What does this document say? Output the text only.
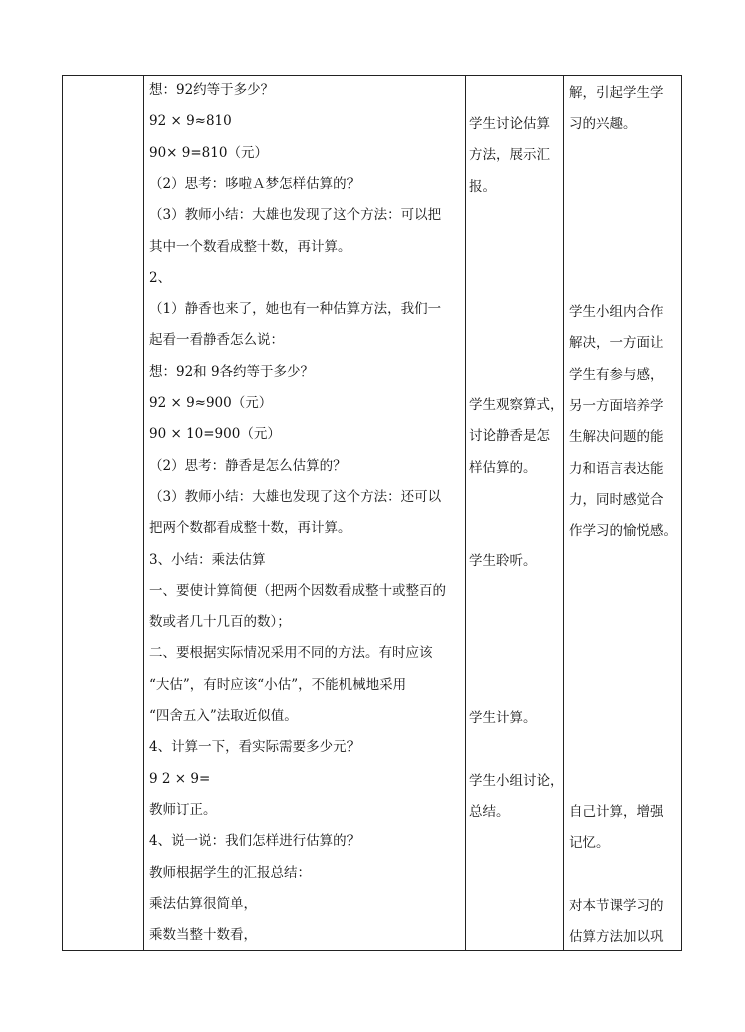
想：92约等于多少？
92 × 9≈810
90× 9=810（元）
（2）思考：哆啦Ａ梦怎样估算的？
（3）教师小结：大雄也发现了这个方法：可以把
其中一个数看成整十数，再计算。
2、
（1）静香也来了，她也有一种估算方法，我们一
起看一看静香怎么说：
想：92和 9各约等于多少？
92 × 9≈900（元）
90 × 10=900（元）
（2）思考：静香是怎么估算的？
（3）教师小结：大雄也发现了这个方法：还可以
把两个数都看成整十数，再计算。
3、小结：乘法估算
一、要使计算简便（把两个因数看成整十或整百的
数或者几十几百的数）；
二、要根据实际情况采用不同的方法。有时应该
“大估”，有时应该“小估”，不能机械地采用
“四舍五入”法取近似值。
4、计算一下，看实际需要多少元？
9 2 × 9=
教师订正。
4、说一说：我们怎样进行估算的？
教师根据学生的汇报总结：
乘法估算很简单，
乘数当整十数看，
学生讨论估算
方法，展示汇
报。
学生观察算式，
讨论静香是怎
样估算的。
学生聆听。
学生计算。
学生小组讨论，
总结。
解，引起学生学
习的兴趣。
学生小组内合作
解决，一方面让
学生有参与感，
另一方面培养学
生解决问题的能
力和语言表达能
力，同时感觉合
作学习的愉悦感。
自己计算，增强
记忆。
对本节课学习的
估算方法加以巩
